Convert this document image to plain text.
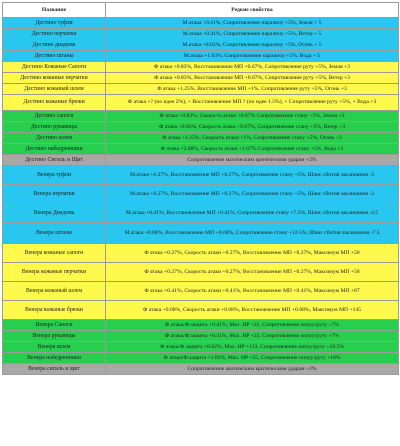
Название	Редкие свойства
Дестино туфли	М.атака +0.41%, Сопротивление параличу +5%, Земля + 5
Дестино перчатки	М.атака +0.41%, Сопротивление параличу +5%, Ветер + 5
Дестино диадема	М.атака +0.62%, Сопротивление параличу +5%, Огонь + 5
Дестино штаны	М.атака +1.03%, Сопротивление параличу +5%, Вода + 5
Дестино Кожаные Сапоги	Ф атака +0.83%, Восстановление МП +0.67%, Сопротивление руту +5%, Земля +3
Дестино кожаные перчатки	Ф атака +0.83%, Восстановление МП +0.67%, Сопротивление руту +5%, Ветер +3
Дестино кожаный шлем	Ф атака +1.25%, Восстановление МП +1%, Сопротивление руту +5%, Огонь +3
Дестино кожаные брюки	Ф атака +? (по идее 2%), + Восстановление МП ? (по идее 1.5%), + Сопротивление руту +5%, + Вода +3
Дестино сапоги	Ф атака +0.83%, Скорость атаки +0.67% Сопротивление стану +5%, Земля +3
Дестино рукавицы	Ф атака +0.83%, Скорость атаки +0.67%, Сопротивление стану +5%, Ветер +3
Дестино шлем	Ф атака +1.25%, Скорость атаки +1%, Сопротивление стану +5%, Огонь +3
Дестино набедренники	Ф атака +2.08%, Скорость атаки +1.67% Сопротивление стану +5%, Вода +3
Дестино Сигиль и Щит	Сопротивление магическим критическим ударам +2%
Венера туфли	М.атака +0.27%, Восстановление МП +0.27%, Сопротивление стану +5%, Шанс сбития заклинания -3
Венера перчатки	М.атака +0.27%, Восстановление МП +0.27%, Сопротивление стану +5%, Шанс сбития заклинания -3
Венера Диадема	М.атака +0.41%, Восстановление МП +0.41%, Сопротивление стану +7.5%, Шанс сбития заклинания -4.5
Венера штаны	М.атака +0.68%, Восстановление МП +0.68%, Сопротивление стану +12.5%, Шанс сбития заклинания -7.5
Венера кожаные сапоги	Ф атака +0.27%, Скорость атаки +0.27%, Восстановление МП +0.27%, Максимум МП +58
Венера кожаные перчатки	Ф атака +0.27%, Скорость атаки +0.27%, Восстановление МП +0.27%, Максимум МП +58
Венера кожаный шлем	Ф атака +0.41%, Скорость атаки +0.41%, Восстановление МП +0.41%, Максимум МП +87
Венера кожаные брюки	Ф атака +0.68%, Скорость атаки +0.68%, Восстановление МП +0.68%, Максимум МП +145
Венера Сапоги	Ф атака/Ф.защита +0.41%, Max. HP +22, Сопротивление оппуу/руту +7%
Венера рукавицы	Ф атака/Ф.защита +0.41%, Max. HP +22, Сопротивление оппуу/руту +7%
Венера шлем	Ф атака/Ф защита +0.62%, Max. HP +133, Сопротивление оппуу/руту +10.5%
Венера набедренники	Ф атака/Ф.защита +1.03%, Max. HP +55, Сопротивление оппуу/руту +18%
Венера сигиль и щит	Сопротивление магическим критическим ударам +2%
